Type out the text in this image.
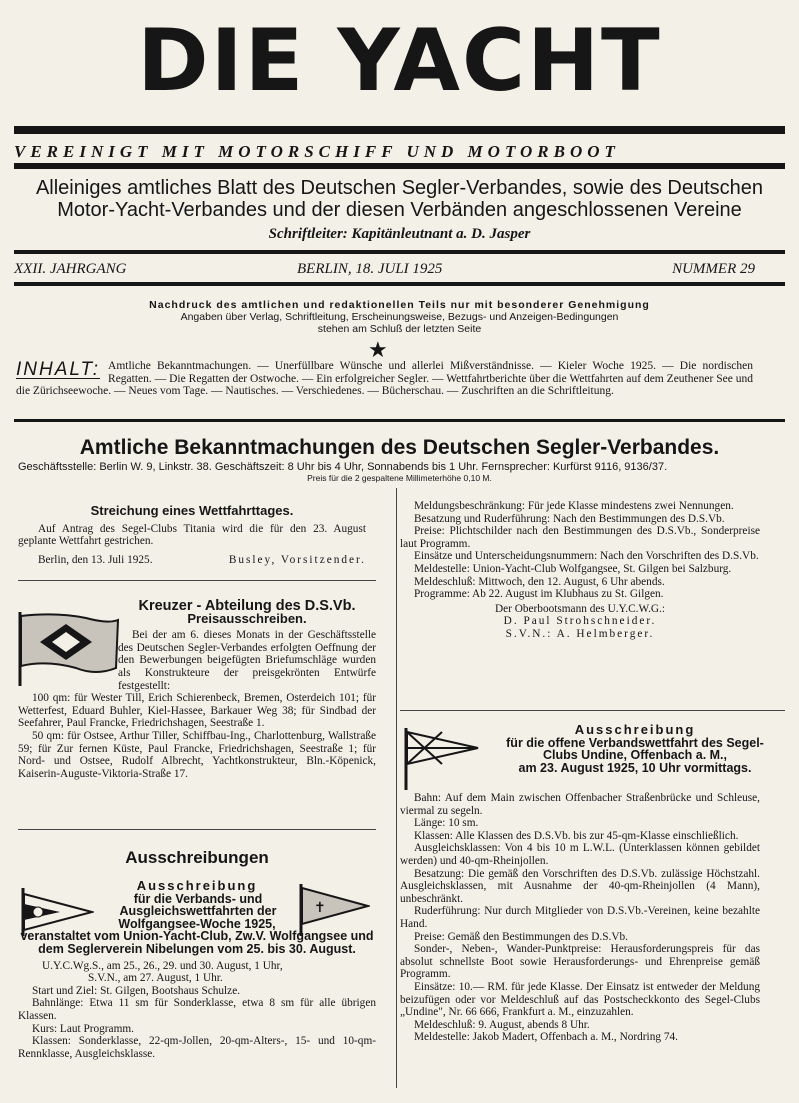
DIE YACHT
VEREINIGT MIT MOTORSCHIFF UND MOTORBOOT
Alleiniges amtliches Blatt des Deutschen Segler-Verbandes, sowie des Deutschen
Motor-Yacht-Verbandes und der diesen Verbänden angeschlossenen Vereine
Schriftleiter: Kapitänleutnant a. D. Jasper
XXII. JAHRGANG	BERLIN, 18. JULI 1925	NUMMER 29
Nachdruck des amtlichen und redaktionellen Teils nur mit besonderer Genehmigung
Angaben über Verlag, Schriftleitung, Erscheinungsweise, Bezugs- und Anzeigen-Bedingungen
stehen am Schluß der letzten Seite
★
INHALT: Amtliche Bekanntmachungen. — Unerfüllbare Wünsche und allerlei Mißverständnisse. — Kieler Woche 1925. — Die nordischen Regatten. — Die Regatten der Ostwoche. — Ein erfolgreicher Segler. — Wettfahrtberichte über die Wettfahrten auf dem Zeuthener See und die Zürichseewoche. — Neues vom Tage. — Nautisches. — Verschiedenes. — Bücherschau. — Zuschriften an die Schriftleitung.
Amtliche Bekanntmachungen des Deutschen Segler-Verbandes.
Geschäftsstelle: Berlin W. 9, Linkstr. 38. Geschäftszeit: 8 Uhr bis 4 Uhr, Sonnabends bis 1 Uhr. Fernsprecher: Kurfürst 9116, 9136/37.
Preis für die 2 gespaltene Millimeterhöhe 0,10 M.
Streichung eines Wettfahrttages.

Auf Antrag des Segel-Clubs Titania wird die für den 23. August geplante Wettfahrt gestrichen.

Berlin, den 13. Juli 1925.	Busley, Vorsitzender.

Kreuzer - Abteilung des D.S.Vb.
Preisausschreiben.

Bei der am 6. dieses Monats in der Geschäftsstelle des Deutschen Segler-Verbandes erfolgten Oeffnung der den Bewerbungen beigefügten Briefumschläge wurden als Konstrukteure der preisgekrönten Entwürfe festgestellt:

100 qm: für Wester Till, Erich Schierenbeck, Bremen, Osterdeich 101; für Wetterfest, Eduard Buhler, Kiel-Hassee, Barkauer Weg 38; für Sindbad der Seefahrer, Paul Francke, Friedrichshagen, Seestraße 1.

50 qm: für Ostsee, Arthur Tiller, Schiffbau-Ing., Charlottenburg, Wallstraße 59; für Zur fernen Küste, Paul Francke, Friedrichshagen, Seestraße 1; für Nord- und Ostsee, Rudolf Albrecht, Yachtkonstrukteur, Bln.-Köpenick, Kaiserin-Auguste-Viktoria-Straße 17.

Ausschreibungen
✝
Ausschreibung
für die Verbands- und Ausgleichswettfahrten der
Wolfgangsee-Woche 1925,
veranstaltet vom Union-Yacht-Club, Zw.V. Wolfgangsee und dem Seglerverein Nibelungen vom 25. bis 30. August.

U.Y.C.Wg.S., am 25., 26., 29. und 30. August, 1 Uhr,

S.V.N., am 27. August, 1 Uhr.

Start und Ziel: St. Gilgen, Bootshaus Schulze.

Bahnlänge: Etwa 11 sm für Sonderklasse, etwa 8 sm für alle übrigen Klassen.

Kurs: Laut Programm.

Klassen: Sonderklasse, 22-qm-Jollen, 20-qm-Alters-, 15- und 10-qm-Rennklasse, Ausgleichsklasse.

Meldungsbeschränkung: Für jede Klasse mindestens zwei Nennungen.

Besatzung und Ruderführung: Nach den Bestimmungen des D.S.Vb.

Preise: Plichtschilder nach den Bestimmungen des D.S.Vb., Sonderpreise laut Programm.

Einsätze und Unterscheidungsnummern: Nach den Vorschriften des D.S.Vb.

Meldestelle: Union-Yacht-Club Wolfgangsee, St. Gilgen bei Salzburg.

Meldeschluß: Mittwoch, den 12. August, 6 Uhr abends.

Programme: Ab 22. August im Klubhaus zu St. Gilgen.

Der Oberbootsmann des U.Y.C.W.G.:

D. Paul Strohschneider.

S.V.N.: A. Helmberger.

Ausschreibung
für die offene Verbandswettfahrt des Segel-
Clubs Undine, Offenbach a. M.,
am 23. August 1925, 10 Uhr vormittags.

Bahn: Auf dem Main zwischen Offenbacher Straßenbrücke und Schleuse, viermal zu segeln.

Länge: 10 sm.

Klassen: Alle Klassen des D.S.Vb. bis zur 45-qm-Klasse einschließlich.

Ausgleichsklassen: Von 4 bis 10 m L.W.L. (Unterklassen können gebildet werden) und 40-qm-Rheinjollen.

Besatzung: Die gemäß den Vorschriften des D.S.Vb. zulässige Höchstzahl. Ausgleichsklassen, mit Ausnahme der 40-qm-Rheinjollen (4 Mann), unbeschränkt.

Ruderführung: Nur durch Mitglieder von D.S.Vb.-Vereinen, keine bezahlte Hand.

Preise: Gemäß den Bestimmungen des D.S.Vb.

Sonder-, Neben-, Wander-Punktpreise: Herausforderungspreis für das absolut schnellste Boot sowie Herausforderungs- und Ehrenpreise gemäß Programm.

Einsätze: 10.— RM. für jede Klasse. Der Einsatz ist entweder der Meldung beizufügen oder vor Meldeschluß auf das Postscheckkonto des Segel-Clubs „Undine", Nr. 66 666, Frankfurt a. M., einzuzahlen.

Meldeschluß: 9. August, abends 8 Uhr.

Meldestelle: Jakob Madert, Offenbach a. M., Nordring 74.
